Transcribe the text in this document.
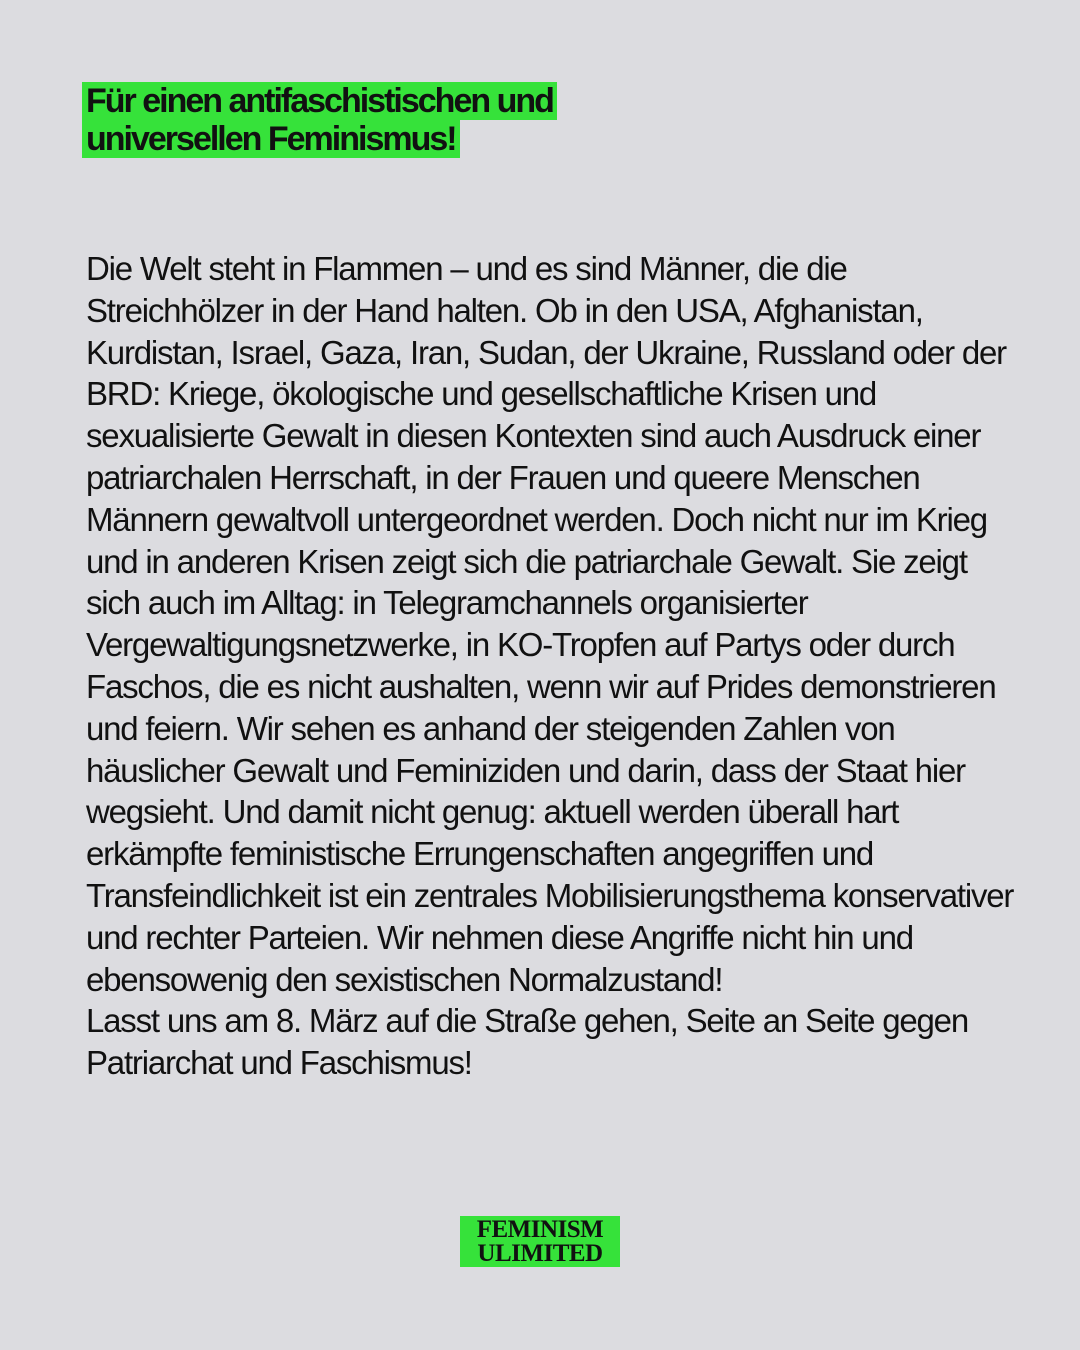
Für einen antifaschistischen und
universellen Feminismus!

Die Welt steht in Flammen – und es sind Männer, die die Streichhölzer in der Hand halten. Ob in den USA, Afghanistan, Kurdistan, Israel, Gaza, Iran, Sudan, der Ukraine, Russland oder der BRD: Kriege, ökologische und gesellschaftliche Krisen und sexualisierte Gewalt in diesen Kontexten sind auch Ausdruck einer patriarchalen Herrschaft, in der Frauen und queere Menschen Männern gewaltvoll untergeordnet werden. Doch nicht nur im Krieg und in anderen Krisen zeigt sich die patriarchale Gewalt. Sie zeigt sich auch im Alltag: in Telegramchannels organisierter Vergewaltigungsnetzwerke, in KO-Tropfen auf Partys oder durch Faschos, die es nicht aushalten, wenn wir auf Prides demonstrieren und feiern. Wir sehen es anhand der steigenden Zahlen von häuslicher Gewalt und Feminiziden und darin, dass der Staat hier wegsieht. Und damit nicht genug: aktuell werden überall hart erkämpfte feministische Errungenschaften angegriffen und Transfeindlichkeit ist ein zentrales Mobilisierungsthema konservativer und rechter Parteien. Wir nehmen diese Angriffe nicht hin und ebensowenig den sexistischen Normalzustand!

Lasst uns am 8. März auf die Straße gehen, Seite an Seite gegen Patriarchat und Faschismus!

FEMINISM
ULIMITED
